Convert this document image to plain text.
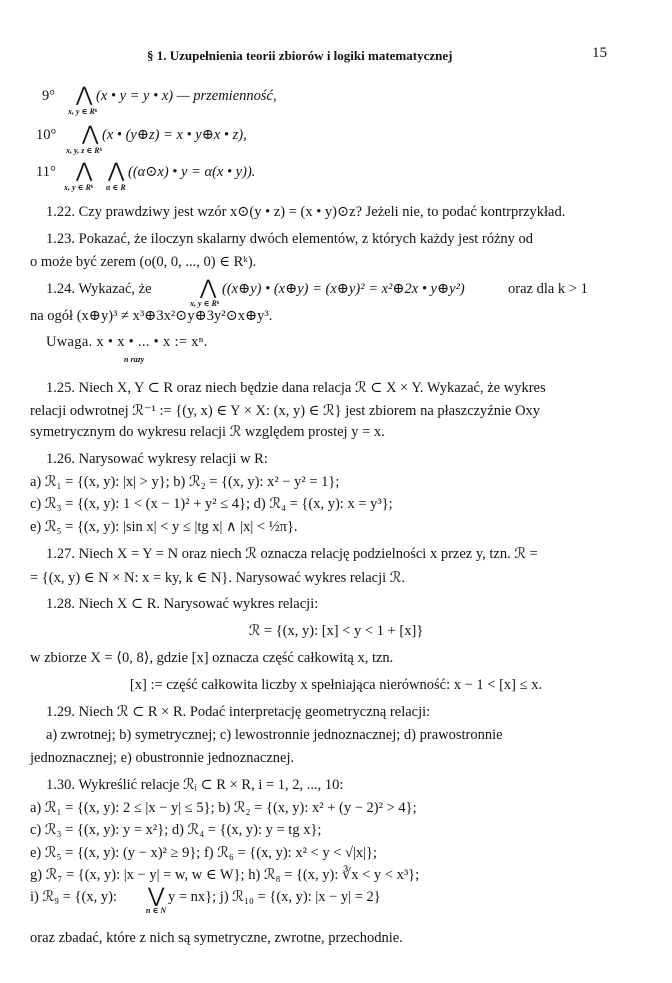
§ 1. Uzupełnienia teorii zbiorów i logiki matematycznej	15
9° ⋀ (x • y = y • x) — przemienność,
x, y ∈ Rᵏ
10° ⋀ (x • (y⊕z) = x • y⊕x • z),
x, y, z ∈ Rᵏ
11° ⋀ ⋀ ((α⊙x) • y = α(x • y)).
x, y ∈ Rᵏ α ∈ R
1.22. Czy prawdziwy jest wzór x⊙(y • z) = (x • y)⊙z? Jeżeli nie, to podać kontrprzykład.
1.23. Pokazać, że iloczyn skalarny dwóch elementów, z których każdy jest różny od
o może być zerem (o(0, 0, ..., 0) ∈ Rᵏ).
1.24. Wykazać, że ⋀ ((x⊕y) • (x⊕y) = (x⊕y)² = x²⊕2x • y⊕y²)	oraz dla k > 1
x, y ∈ Rᵏ
na ogół (x⊕y)³ ≠ x³⊕3x²⊙y⊕3y²⊙x⊕y³.
Uwaga. x • x • ... • x := xⁿ.
n razy
1.25. Niech X, Y ⊂ R oraz niech będzie dana relacja ℛ ⊂ X × Y. Wykazać, że wykres
relacji odwrotnej ℛ⁻¹ := {(y, x) ∈ Y × X: (x, y) ∈ ℛ} jest zbiorem na płaszczyźnie Oxy
symetrycznym do wykresu relacji ℛ względem prostej y = x.
1.26. Narysować wykresy relacji w R:
a) ℛ₁ = {(x, y): |x| > y}; b) ℛ₂ = {(x, y): x² − y² = 1};
c) ℛ₃ = {(x, y): 1 < (x − 1)² + y² ≤ 4}; d) ℛ₄ = {(x, y): x = y³};
e) ℛ₅ = {(x, y): |sin x| < y ≤ |tg x| ∧ |x| < ½π}.
1.27. Niech X = Y = N oraz niech ℛ oznacza relację podzielności x przez y, tzn. ℛ =
= {(x, y) ∈ N × N: x = ky, k ∈ N}. Narysować wykres relacji ℛ.
1.28. Niech X ⊂ R. Narysować wykres relacji:
ℛ = {(x, y): [x] < y < 1 + [x]}
w zbiorze X = ⟨0, 8⟩, gdzie [x] oznacza część całkowitą x, tzn.
[x] := część całkowita liczby x spełniająca nierówność: x − 1 < [x] ≤ x.
1.29. Niech ℛ ⊂ R × R. Podać interpretację geometryczną relacji:
a) zwrotnej; b) symetrycznej; c) lewostronnie jednoznacznej; d) prawostronnie
jednoznacznej; e) obustronnie jednoznacznej.
1.30. Wykreślić relacje ℛᵢ ⊂ R × R, i = 1, 2, ..., 10:
a) ℛ₁ = {(x, y): 2 ≤ |x − y| ≤ 5}; b) ℛ₂ = {(x, y): x² + (y − 2)² > 4};
c) ℛ₃ = {(x, y): y = x²}; d) ℛ₄ = {(x, y): y = tg x};
e) ℛ₅ = {(x, y): (y − x)² ≥ 9}; f) ℛ₆ = {(x, y): x² < y < √|x|};
g) ℛ₇ = {(x, y): |x − y| = w, w ∈ W}; h) ℛ₈ = {(x, y): ∛x < y < x³};
i) ℛ₉ = {(x, y): ⋁ y = nx}; j) ℛ₁₀ = {(x, y): |x − y| = 2}
n ∈ N
oraz zbadać, które z nich są symetryczne, zwrotne, przechodnie.
